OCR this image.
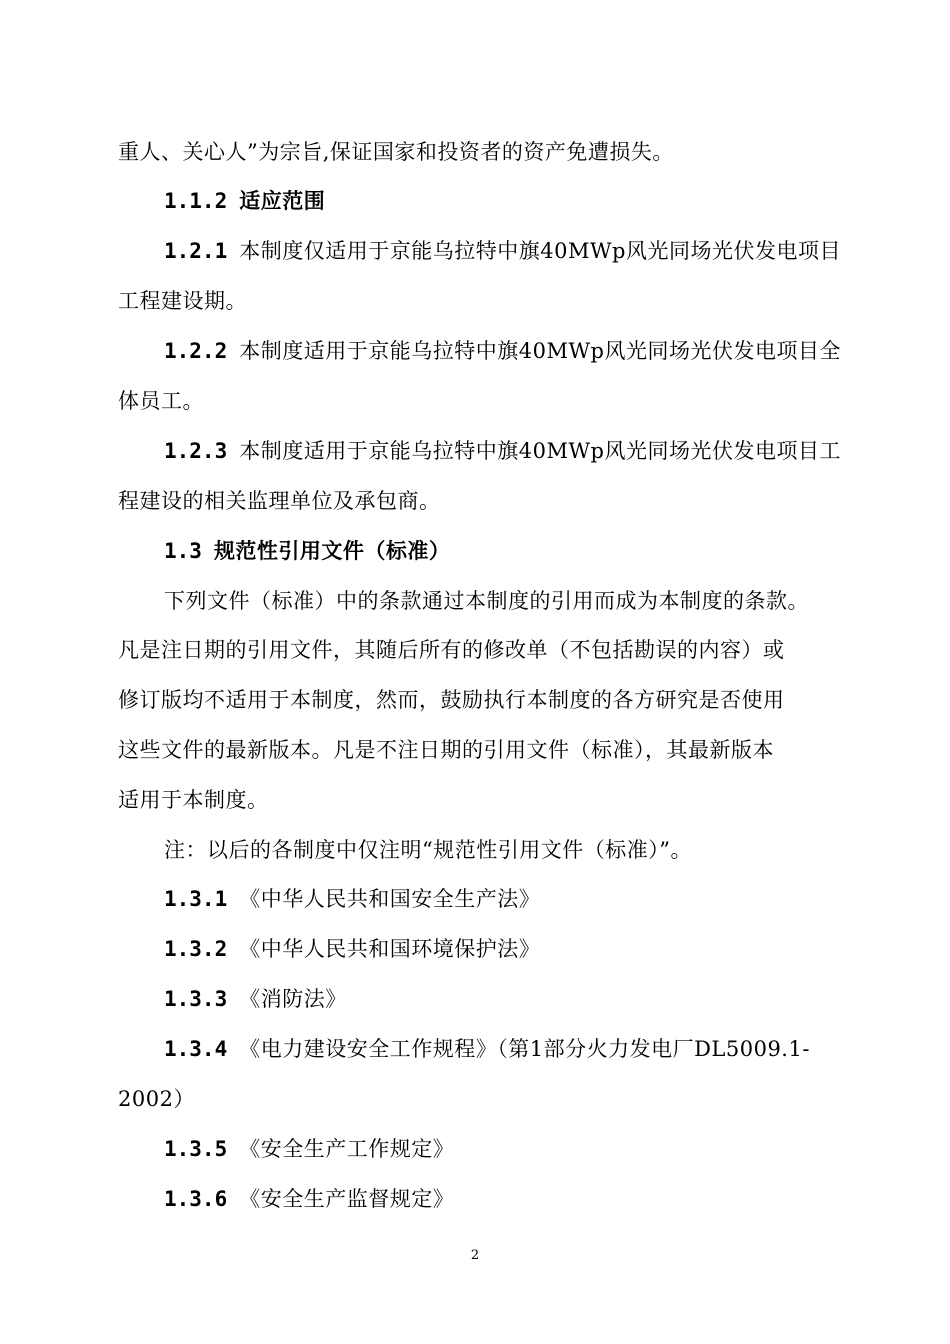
重人、关心人”为宗旨,保证国家和投资者的资产免遭损失。
1.1.2 适应范围
1.2.1 本制度仅适用于京能乌拉特中旗40MWp风光同场光伏发电项目
工程建设期。
1.2.2 本制度适用于京能乌拉特中旗40MWp风光同场光伏发电项目全
体员工。
1.2.3 本制度适用于京能乌拉特中旗40MWp风光同场光伏发电项目工
程建设的相关监理单位及承包商。
1.3 规范性引用文件（标准）
下列文件（标准）中的条款通过本制度的引用而成为本制度的条款。
凡是注日期的引用文件，其随后所有的修改单（不包括勘误的内容）或
修订版均不适用于本制度，然而，鼓励执行本制度的各方研究是否使用
这些文件的最新版本。凡是不注日期的引用文件（标准），其最新版本
适用于本制度。
注：以后的各制度中仅注明“规范性引用文件（标准）”。
1.3.1 《中华人民共和国安全生产法》
1.3.2 《中华人民共和国环境保护法》
1.3.3 《消防法》
1.3.4 《电力建设安全工作规程》（第1部分火力发电厂DL5009.1-
2002）
1.3.5 《安全生产工作规定》
1.3.6 《安全生产监督规定》
2
